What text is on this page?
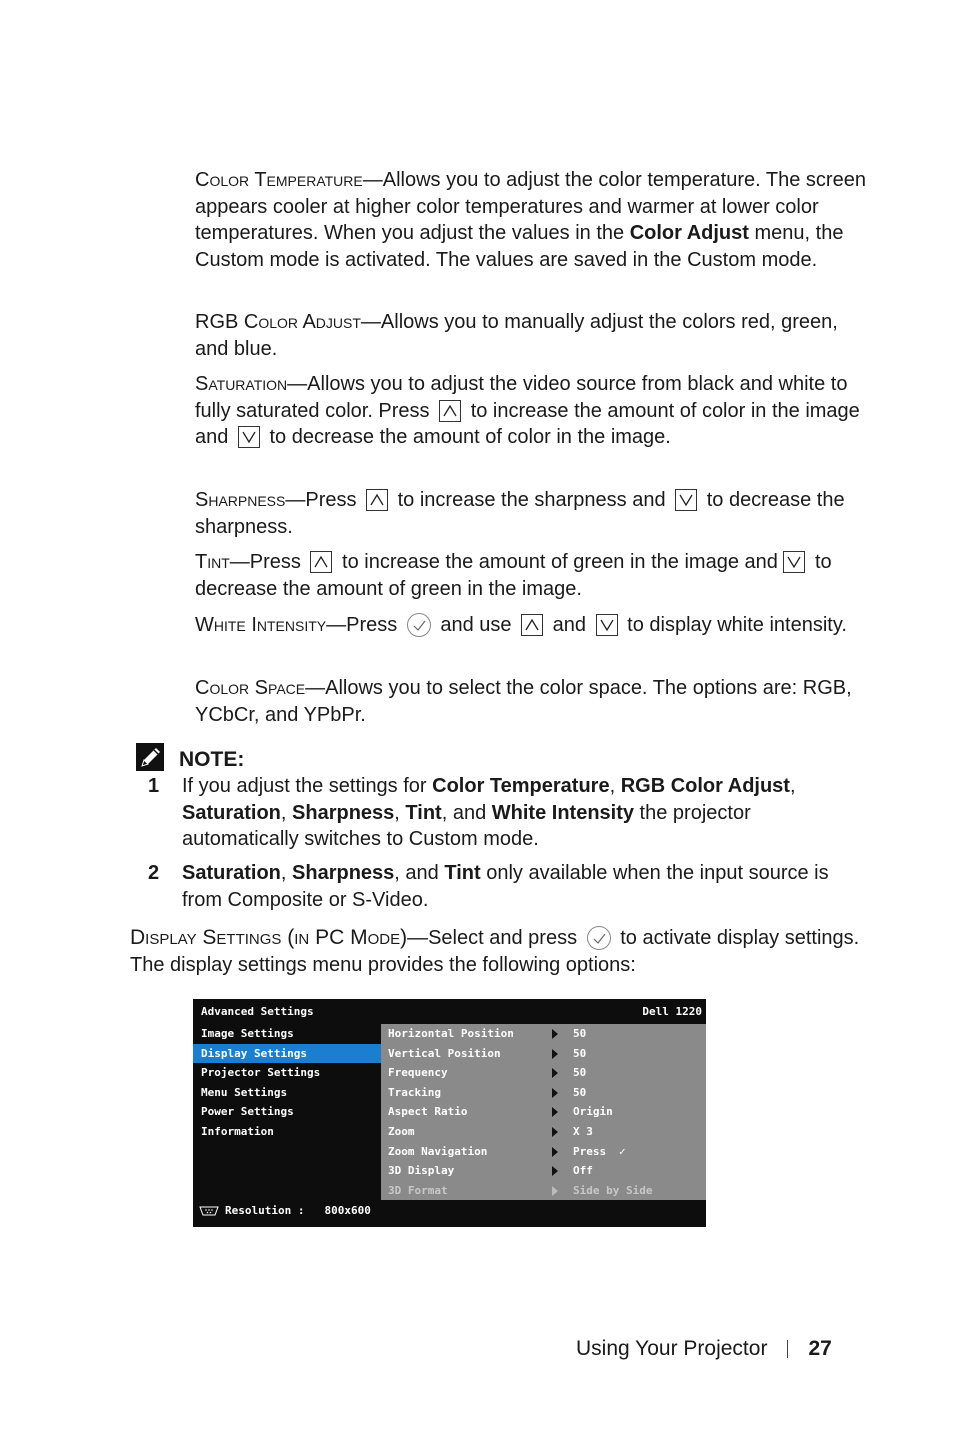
Color Temperature—Allows you to adjust the color temperature. The screen appears cooler at higher color temperatures and warmer at lower color temperatures. When you adjust the values in the Color Adjust menu, the Custom mode is activated. The values are saved in the Custom mode.

RGB Color Adjust—Allows you to manually adjust the colors red, green, and blue.

Saturation—Allows you to adjust the video source from black and white to fully saturated color. Press to increase the amount of color in the image and to decrease the amount of color in the image.

Sharpness—Press to increase the sharpness and to decrease the sharpness.

Tint—Press to increase the amount of green in the image and to decrease the amount of green in the image.

White Intensity—Press and use and to display white intensity.

Color Space—Allows you to select the color space. The options are: RGB, YCbCr, and YPbPr.

NOTE:
1 If you adjust the settings for Color Temperature, RGB Color Adjust, Saturation, Sharpness, Tint, and White Intensity the projector automatically switches to Custom mode.
2 Saturation, Sharpness, and Tint only available when the input source is from Composite or S-Video.

Display Settings (in PC Mode)—Select and press to activate display settings. The display settings menu provides the following options:

Advanced Settings	Dell 1220
Image Settings
Display Settings
Projector Settings
Menu Settings
Power Settings
Information
Horizontal Position	50
Vertical Position	50
Frequency	50
Tracking	50
Aspect Ratio	Origin
Zoom	X 3
Zoom Navigation	Press ✓
3D Display	Off
3D Format	Side by Side
Resolution : 800x600
Using Your Projector 27
